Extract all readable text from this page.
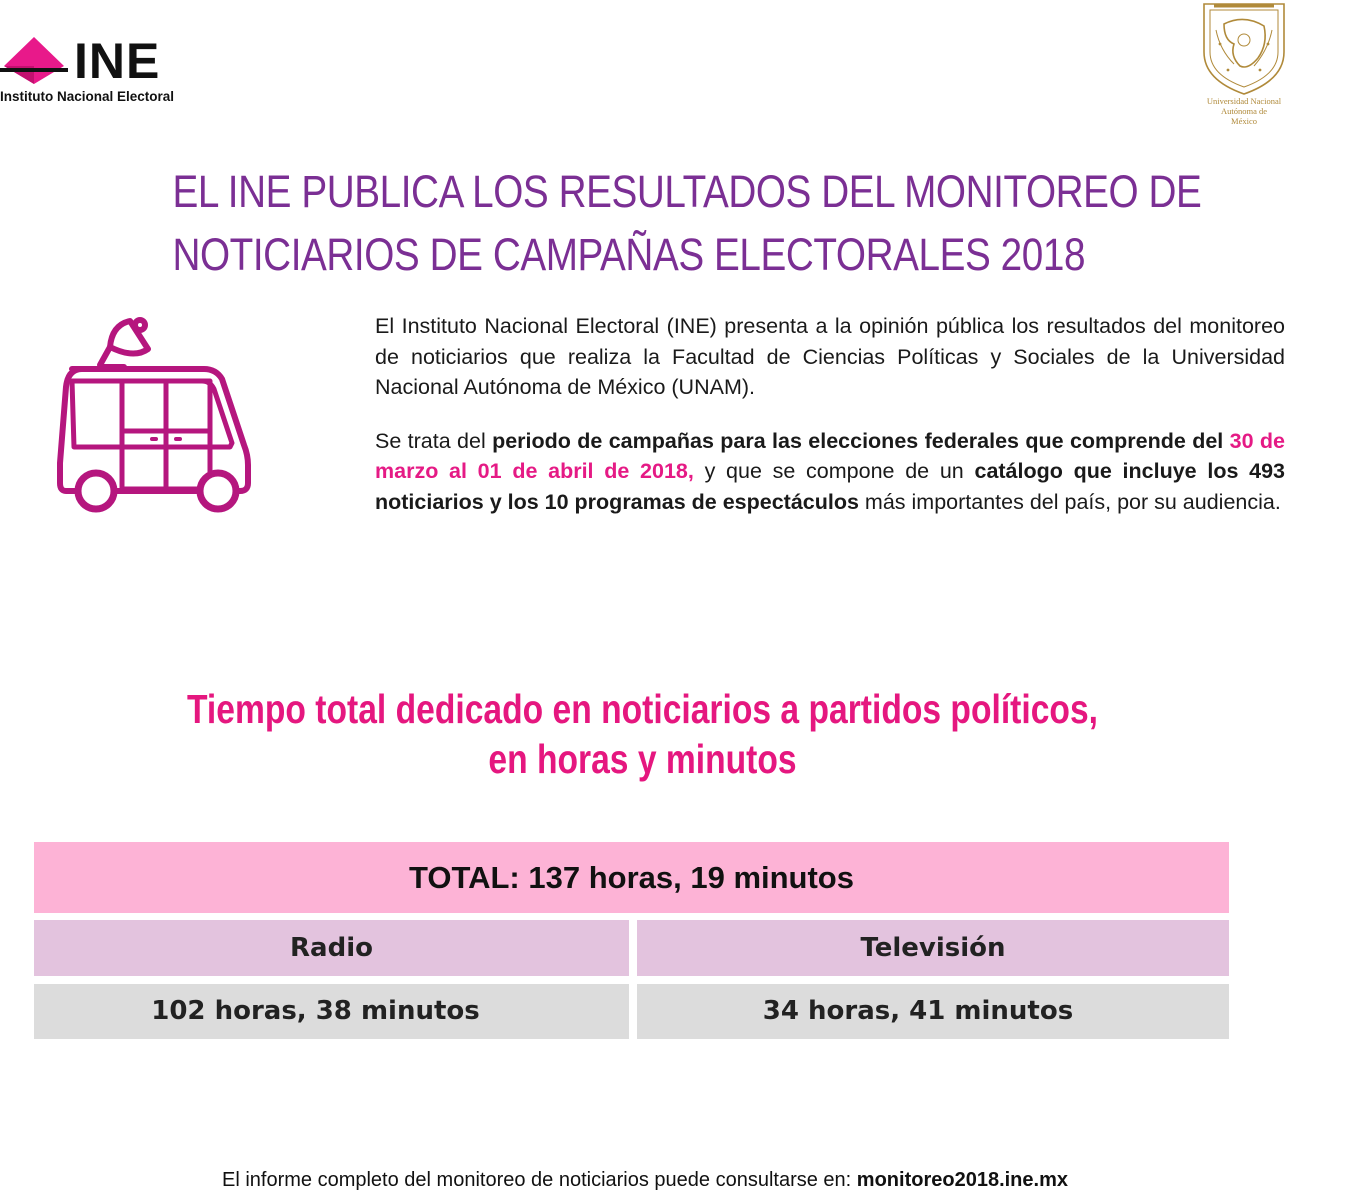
INE
Instituto Nacional Electoral	Universidad Nacional
Autónoma de
México
EL INE PUBLICA LOS RESULTADOS DEL MONITOREO DE
NOTICIARIOS DE CAMPAÑAS ELECTORALES 2018

El Instituto Nacional Electoral (INE) presenta a la opinión pública los resultados del monitoreo de noticiarios que realiza la Facultad de Ciencias Políticas y Sociales de la Universidad Nacional Autónoma de México (UNAM).

Se trata del periodo de campañas para las elecciones federales que comprende del 30 de marzo al 01 de abril de 2018, y que se compone de un catálogo que incluye los 493 noticiarios y los 10 programas de espectáculos más importantes del país, por su audiencia.

Tiempo total dedicado en noticiarios a partidos políticos,
en horas y minutos
TOTAL: 137 horas, 19 minutos
Radio	Televisión
102 horas, 38 minutos	34 horas, 41 minutos
El informe completo del monitoreo de noticiarios puede consultarse en: monitoreo2018.ine.mx
